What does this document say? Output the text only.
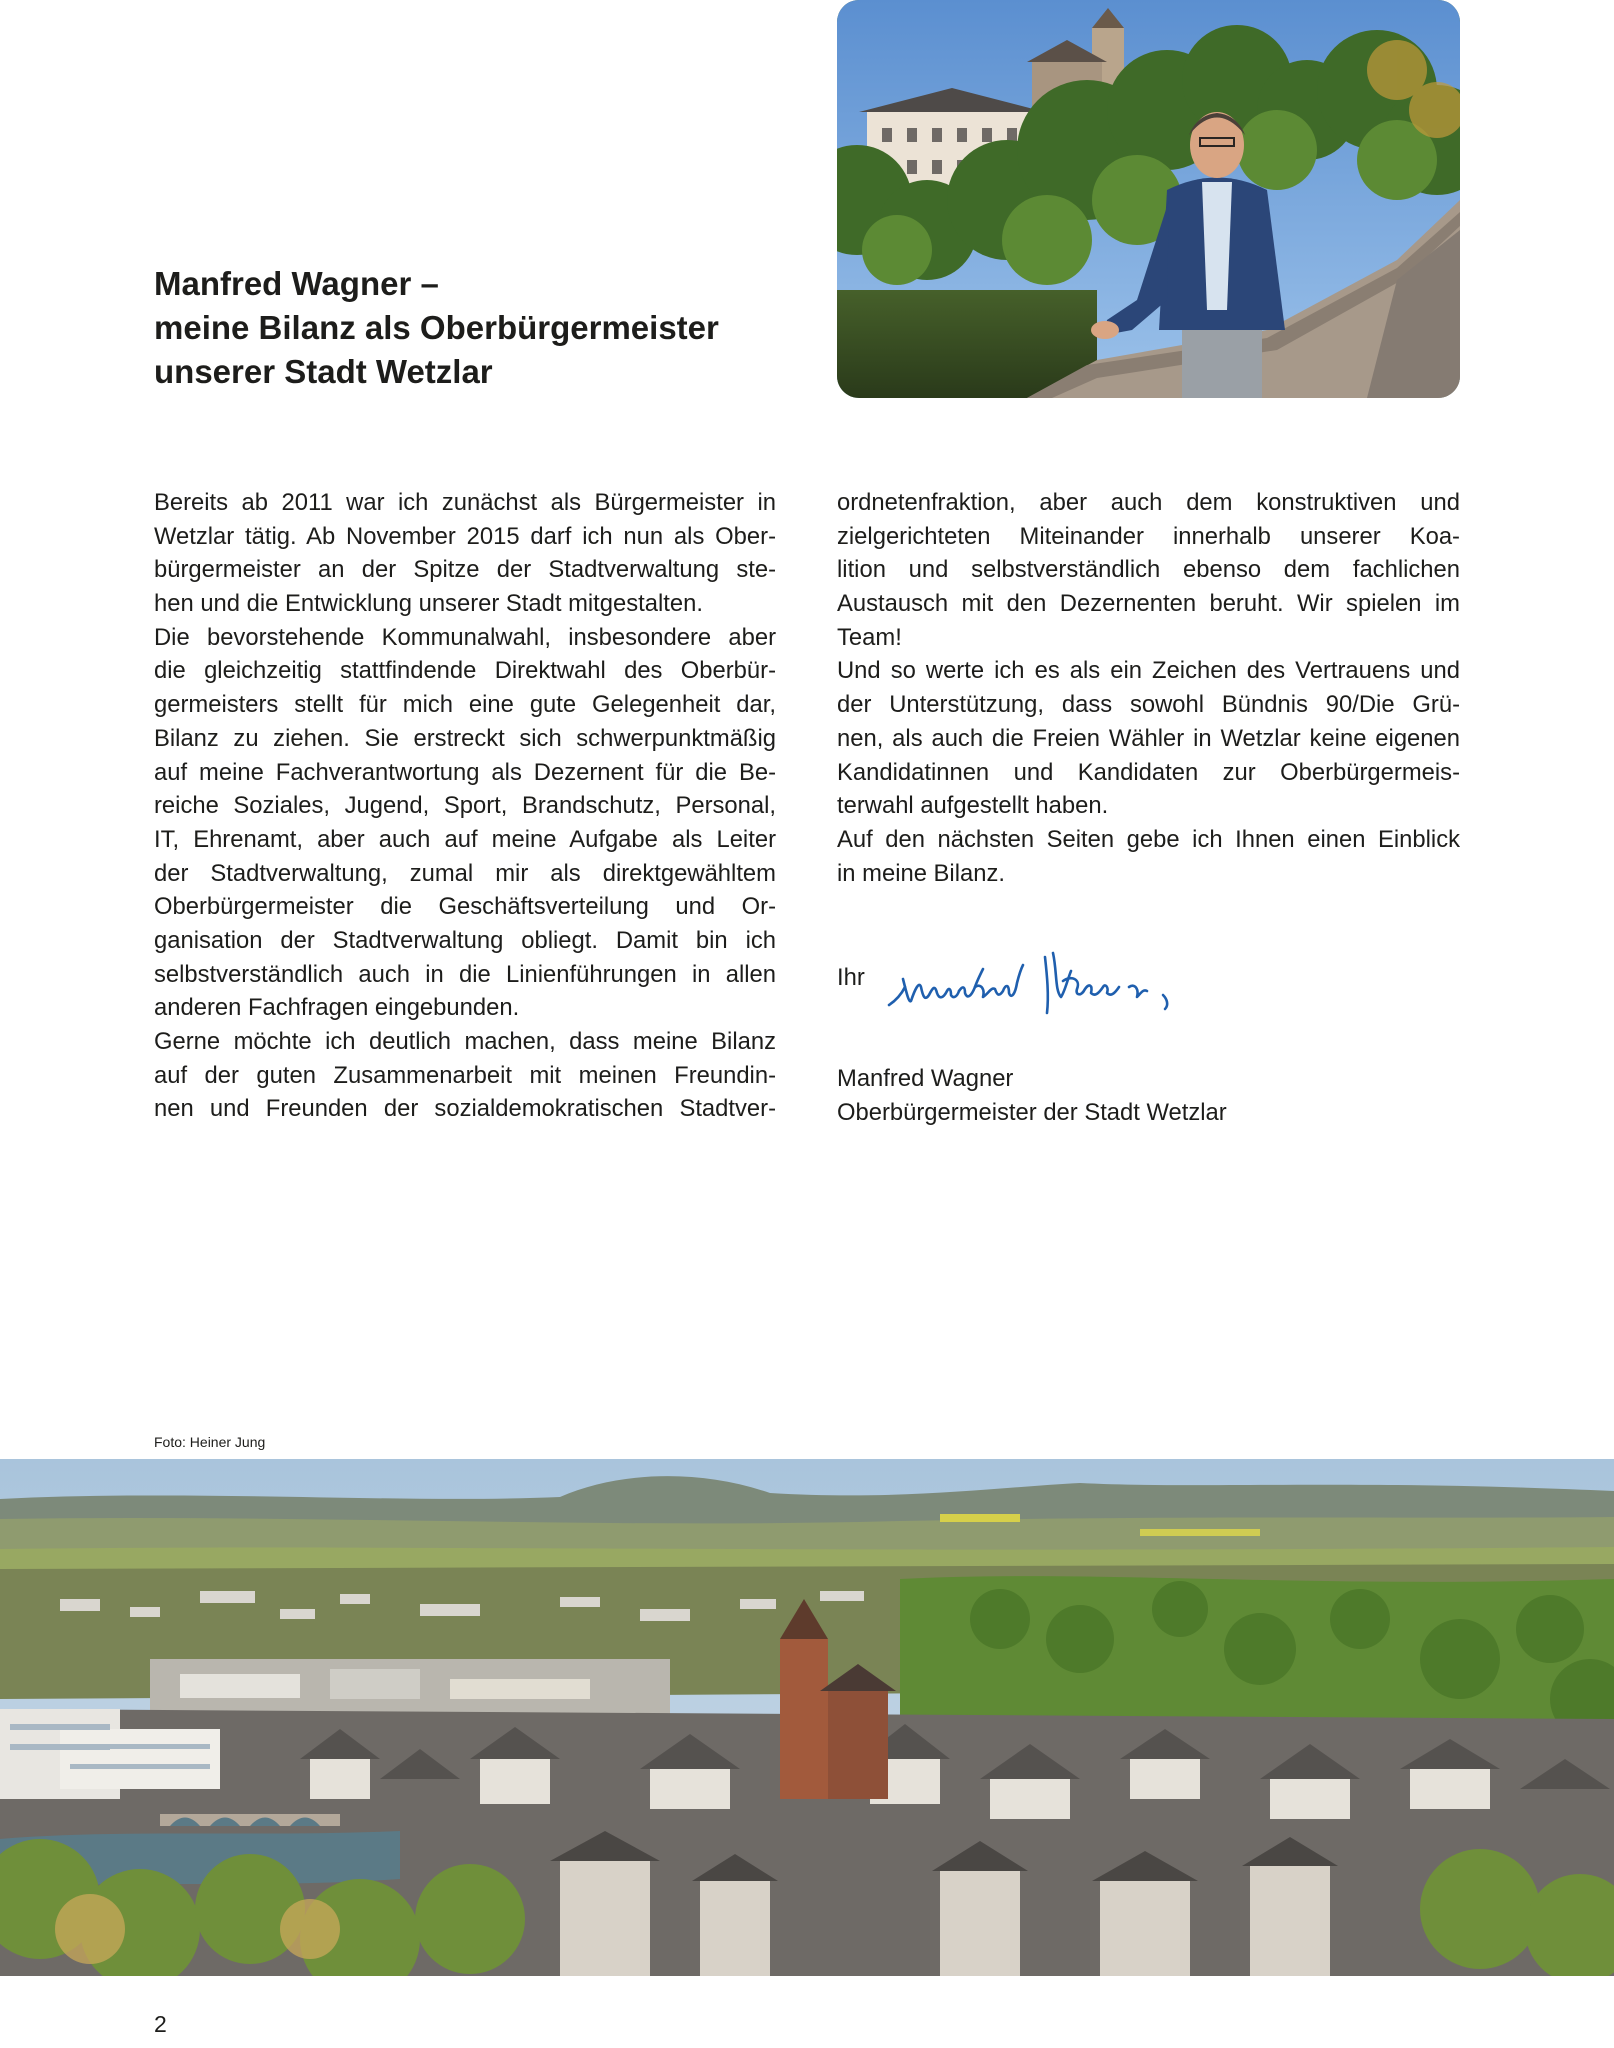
Manfred Wagner –
meine Bilanz als Oberbürgermeister
unserer Stadt Wetzlar
Bereits ab 2011 war ich zunächst als Bürgermeister in
Wetzlar tätig. Ab November 2015 darf ich nun als Ober-
bürgermeister an der Spitze der Stadtverwaltung ste-
hen und die Entwicklung unserer Stadt mitgestalten.
Die bevorstehende Kommunalwahl, insbesondere aber
die gleichzeitig stattfindende Direktwahl des Oberbür-
germeisters stellt für mich eine gute Gelegenheit dar,
Bilanz zu ziehen. Sie erstreckt sich schwerpunktmäßig
auf meine Fachverantwortung als Dezernent für die Be-
reiche Soziales, Jugend, Sport, Brandschutz, Personal,
IT, Ehrenamt, aber auch auf meine Aufgabe als Leiter
der Stadtverwaltung, zumal mir als direktgewähltem
Oberbürgermeister die Geschäftsverteilung und Or-
ganisation der Stadtverwaltung obliegt. Damit bin ich
selbstverständlich auch in die Linienführungen in allen
anderen Fachfragen eingebunden.
Gerne möchte ich deutlich machen, dass meine Bilanz
auf der guten Zusammenarbeit mit meinen Freundin-
nen und Freunden der sozialdemokratischen Stadtver-
ordnetenfraktion, aber auch dem konstruktiven und
zielgerichteten Miteinander innerhalb unserer Koa-
lition und selbstverständlich ebenso dem fachlichen
Austausch mit den Dezernenten beruht. Wir spielen im
Team!
Und so werte ich es als ein Zeichen des Vertrauens und
der Unterstützung, dass sowohl Bündnis 90/Die Grü-
nen, als auch die Freien Wähler in Wetzlar keine eigenen
Kandidatinnen und Kandidaten zur Oberbürgermeis-
terwahl aufgestellt haben.
Auf den nächsten Seiten gebe ich Ihnen einen Einblick
in meine Bilanz.
Ihr
Manfred Wagner
Oberbürgermeister der Stadt Wetzlar
Foto: Heiner Jung
2
